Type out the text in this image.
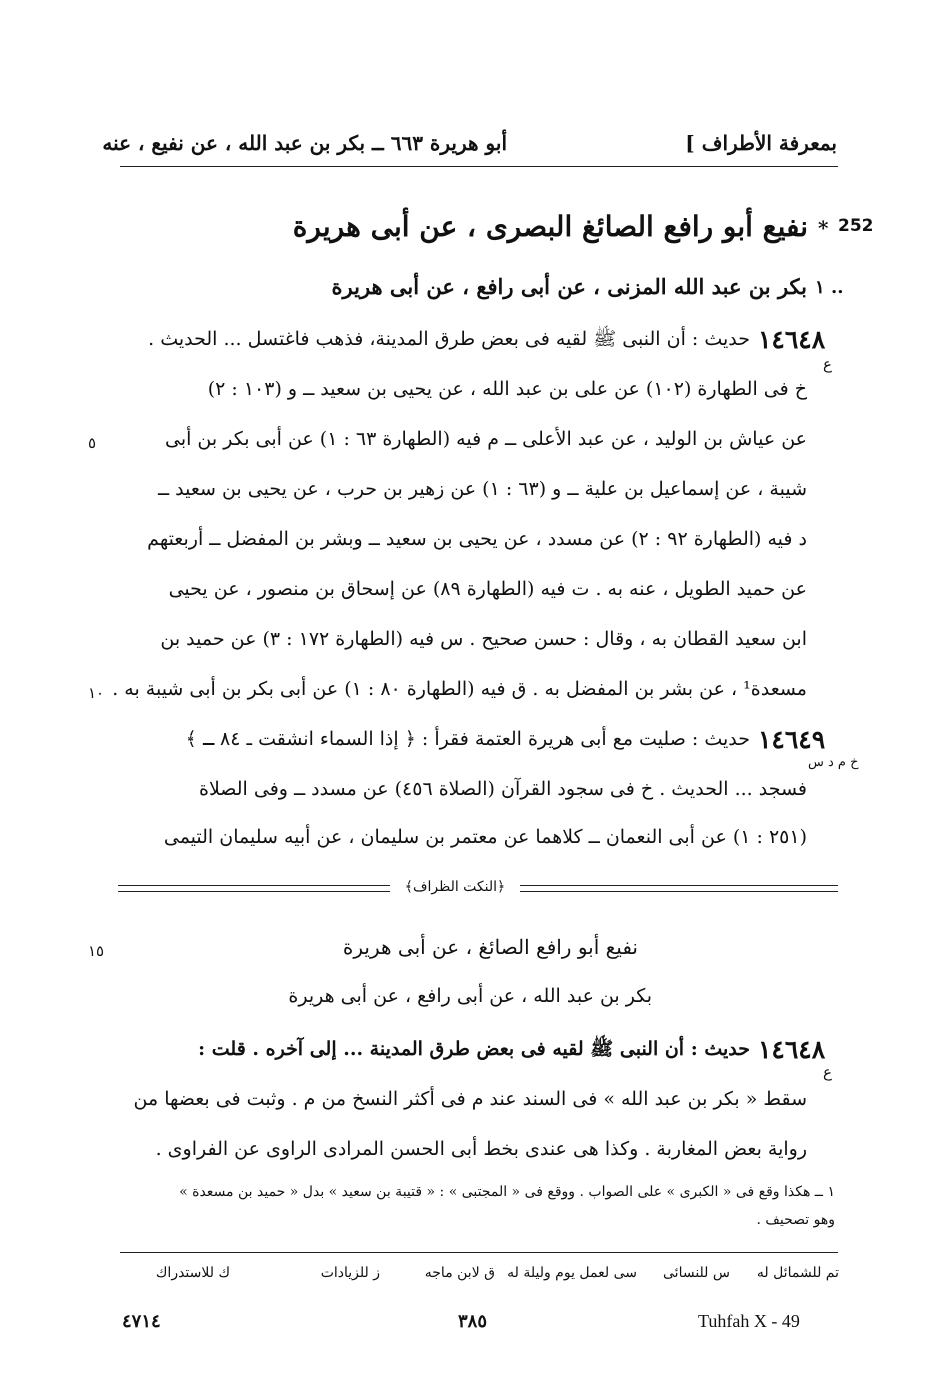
بمعرفة الأطراف ]
أبو هريرة ٦٦٣ ــ بكر بن عبد الله ، عن نفيع ، عنه
252
*
نفيع أبو رافع الصائغ البصرى ، عن أبى هريرة
١ ..
بكر بن عبد الله المزنى ، عن أبى رافع ، عن أبى هريرة
١٤٦٤٨
ع
حديث : أن النبى ﷺ لقيه فى بعض طرق المدينة، فذهب فاغتسل ... الحديث .
خ فى الطهارة (١٠٢) عن على بن عبد الله ، عن يحيى بن سعيد ــ و (١٠٣ : ٢)
عن عياش بن الوليد ، عن عبد الأعلى ــ م فيه (الطهارة ٦٣ : ١) عن أبى بكر بن أبى
٥
شيبة ، عن إسماعيل بن علية ــ و (٦٣ : ١) عن زهير بن حرب ، عن يحيى بن سعيد ــ
د فيه (الطهارة ٩٢ : ٢) عن مسدد ، عن يحيى بن سعيد ــ وبشر بن المفضل ــ أربعتهم
عن حميد الطويل ، عنه به . ت فيه (الطهارة ٨٩) عن إسحاق بن منصور ، عن يحيى
ابن سعيد القطان به ، وقال : حسن صحيح . س فيه (الطهارة ١٧٢ : ٣) عن حميد بن
مسعدة¹ ، عن بشر بن المفضل به . ق فيه (الطهارة ٨٠ : ١) عن أبى بكر بن أبى شيبة به .
١٠
١٤٦٤٩
خ م د س
حديث : صليت مع أبى هريرة العتمة فقرأ : ﴿ إذا السماء انشقت ـ ٨٤ ـ ﴾
فسجد ... الحديث . خ فى سجود القرآن (الصلاة ٤٥٦) عن مسدد ــ وفى الصلاة
(٢٥١ : ١) عن أبى النعمان ــ كلاهما عن معتمر بن سليمان ، عن أبيه سليمان التيمى
﴿النكت الظراف﴾
نفيع أبو رافع الصائغ ، عن أبى هريرة
١٥
بكر بن عبد الله ، عن أبى رافع ، عن أبى هريرة
١٤٦٤٨
ع
حديث : أن النبى ﷺ لقيه فى بعض طرق المدينة ... إلى آخره . قلت :
سقط « بكر بن عبد الله » فى السند عند م فى أكثر النسخ من م . وثبت فى بعضها من
رواية بعض المغاربة . وكذا هى عندى بخط أبى الحسن المرادى الراوى عن الفراوى .
١ ــ هكذا وقع فى « الكبرى » على الصواب . ووقع فى « المجتبى » : « قتيبة بن سعيد » بدل « حميد بن مسعدة »
وهو تصحيف .
تم للشمائل له
س للنسائى
سى لعمل يوم وليلة له
ق لابن ماجه
ز للزيادات
ك للاستدراك
٤٧١٤	٣٨٥	Tuhfah X - 49
